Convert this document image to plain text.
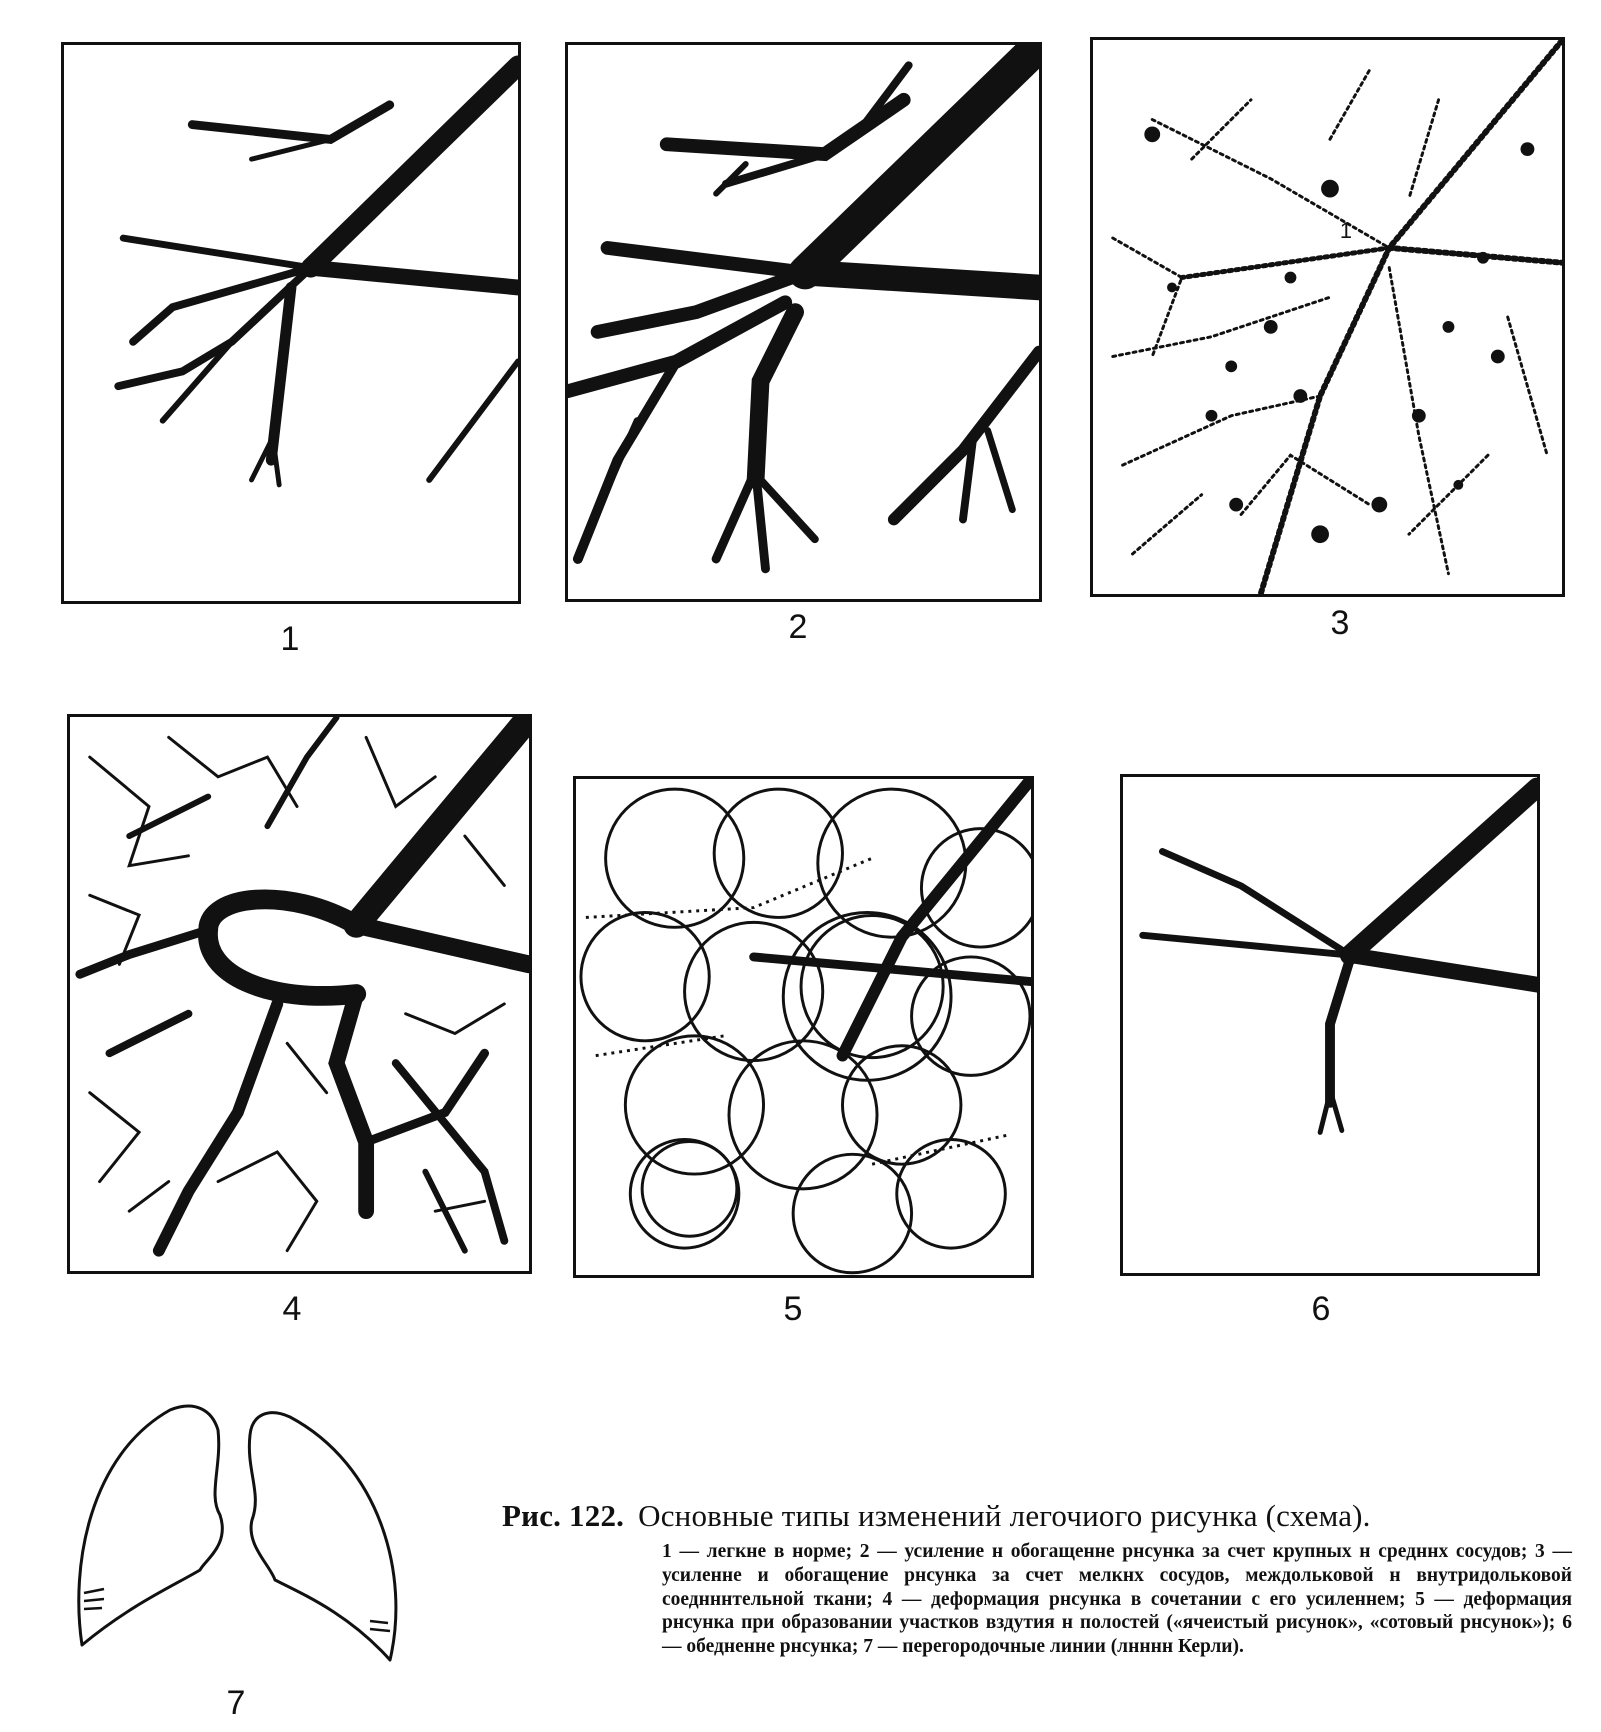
1	2
1
3
4	5	6
7
Рис. 122. Основные типы изменений легочиого рисунка (схема).
1 — легкне в норме; 2 — усиление н обогащенне рнсунка за счет крупных н средннх сосудов; 3 — усиленне и обогащение рнсунка за счет мелкнх сосудов, междольковой н внутридольковой соеднннтельной ткани; 4 — деформация рнсунка в сочетании с его усиленнем; 5 — деформация рнсунка при образовании участков вздутия н полостей («ячеистый рисунок», «сотовый рнсунок»); 6 — обедненне рнсунка; 7 — перегородочные линии (лнннн Керли).
